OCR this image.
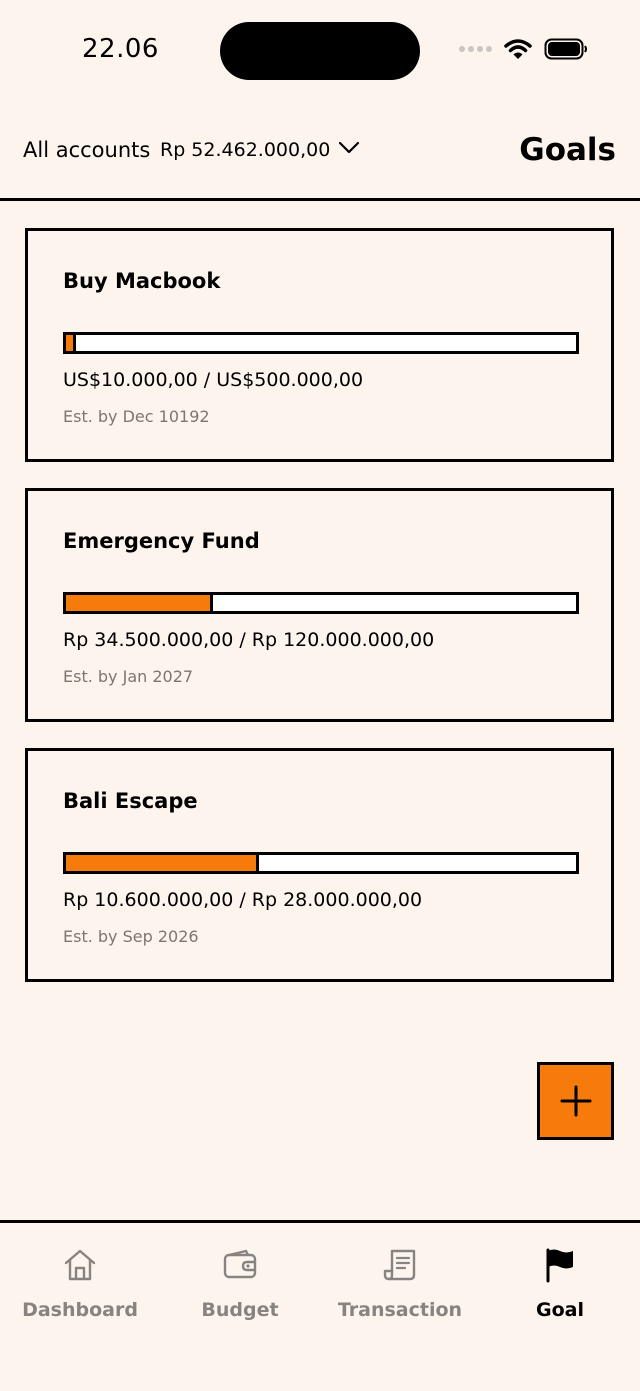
22.06
All accounts Rp 52.462.000,00	Goals
Buy Macbook
US$10.000,00 / US$500.000,00
Est. by Dec 10192
Emergency Fund
Rp 34.500.000,00 / Rp 120.000.000,00
Est. by Jan 2027
Bali Escape
Rp 10.600.000,00 / Rp 28.000.000,00
Est. by Sep 2026
Dashboard	Budget	Transaction	Goal
